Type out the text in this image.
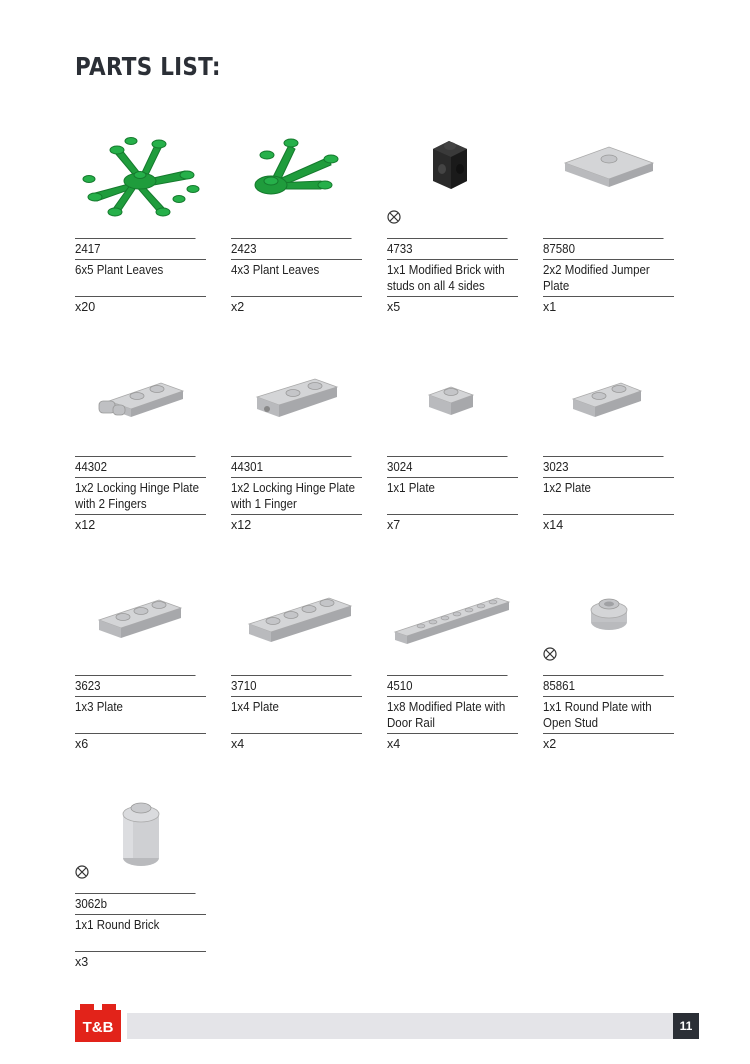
PARTS LIST:
2417
6x5 Plant Leaves
x20
2423
4x3 Plant Leaves
x2
4733
1x1 Modified Brick with studs on all 4 sides
x5
87580
2x2 Modified Jumper Plate
x1
44302
1x2 Locking Hinge Plate with 2 Fingers
x12
44301
1x2 Locking Hinge Plate with 1 Finger
x12
3024
1x1 Plate
x7
3023
1x2 Plate
x14
3623
1x3 Plate
x6
3710
1x4 Plate
x4
4510
1x8 Modified Plate with Door Rail
x4
85861
1x1 Round Plate with Open Stud
x2
3062b
1x1 Round Brick
x3
T&B	11
